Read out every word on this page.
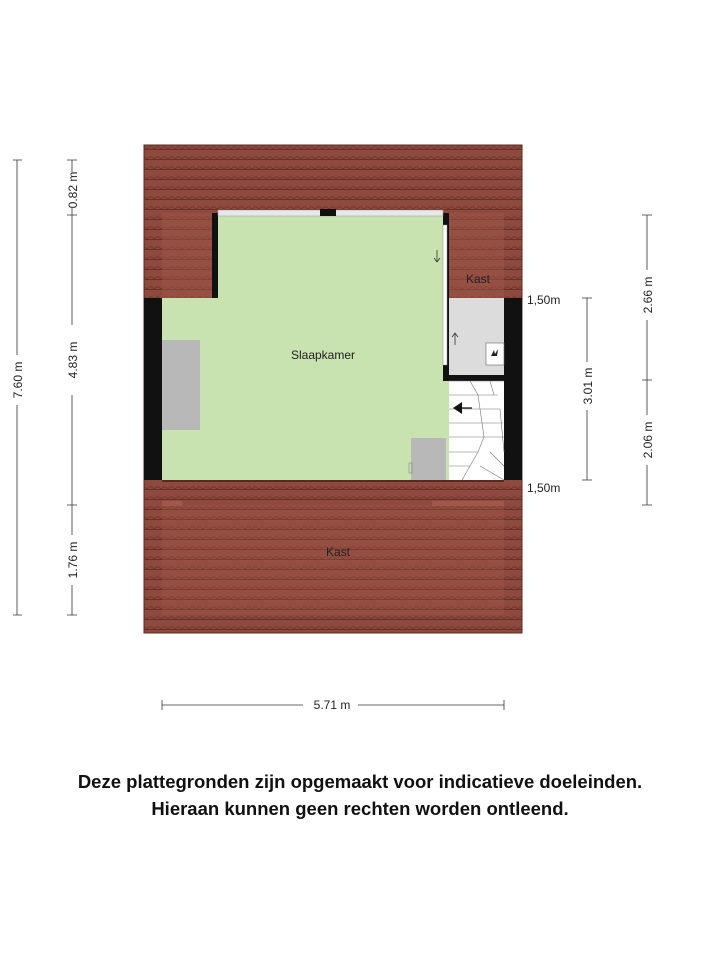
Slaapkamer
Kast
Kast
1,50m
1,50m
7.60 m
0.82 m
4.83 m
1.76 m
2.66 m
2.06 m
3.01 m
5.71 m
Deze plattegronden zijn opgemaakt voor indicatieve doeleinden.
Hieraan kunnen geen rechten worden ontleend.
